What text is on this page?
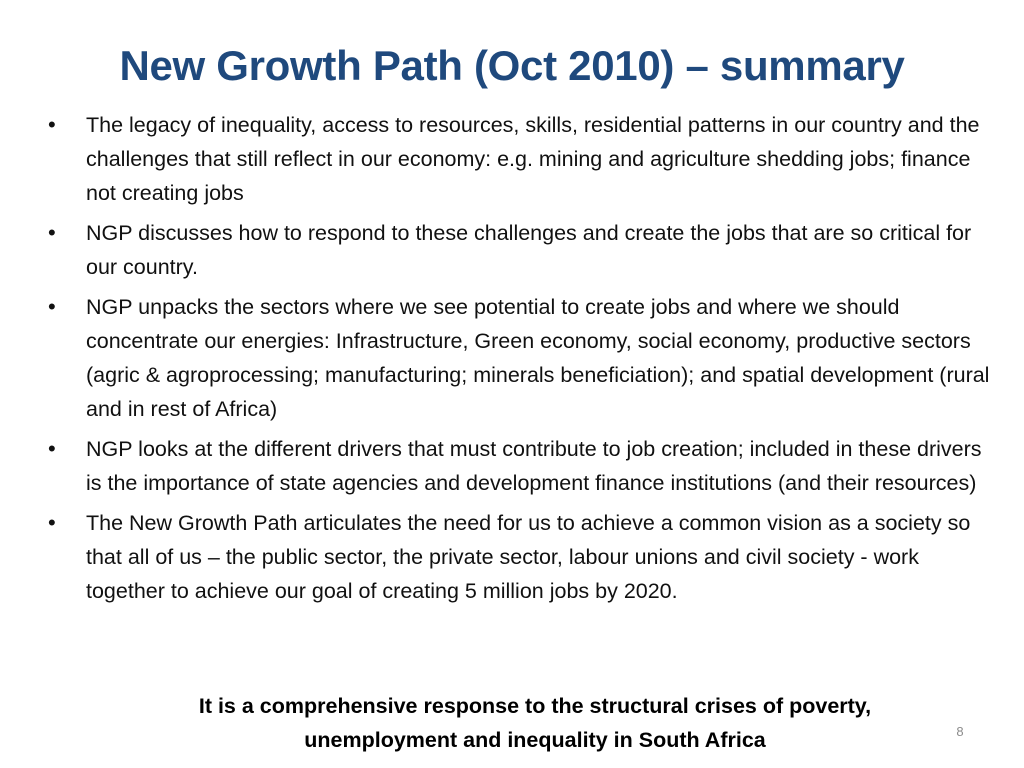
New Growth Path (Oct 2010) – summary
• The legacy of inequality, access to resources, skills, residential patterns in our country and the challenges that still reflect in our economy: e.g. mining and agriculture shedding jobs; finance not creating jobs
• NGP discusses how to respond to these challenges and create the jobs that are so critical for our country.
• NGP unpacks the sectors where we see potential to create jobs and where we should concentrate our energies: Infrastructure, Green economy, social economy, productive sectors (agric & agroprocessing; manufacturing; minerals beneficiation); and spatial development (rural and in rest of Africa)
• NGP looks at the different drivers that must contribute to job creation; included in these drivers is the importance of state agencies and development finance institutions (and their resources)
• The New Growth Path articulates the need for us to achieve a common vision as a society so that all of us – the public sector, the private sector, labour unions and civil society - work together to achieve our goal of creating 5 million jobs by 2020.

It is a comprehensive response to the structural crises of poverty, unemployment and inequality in South Africa	8
